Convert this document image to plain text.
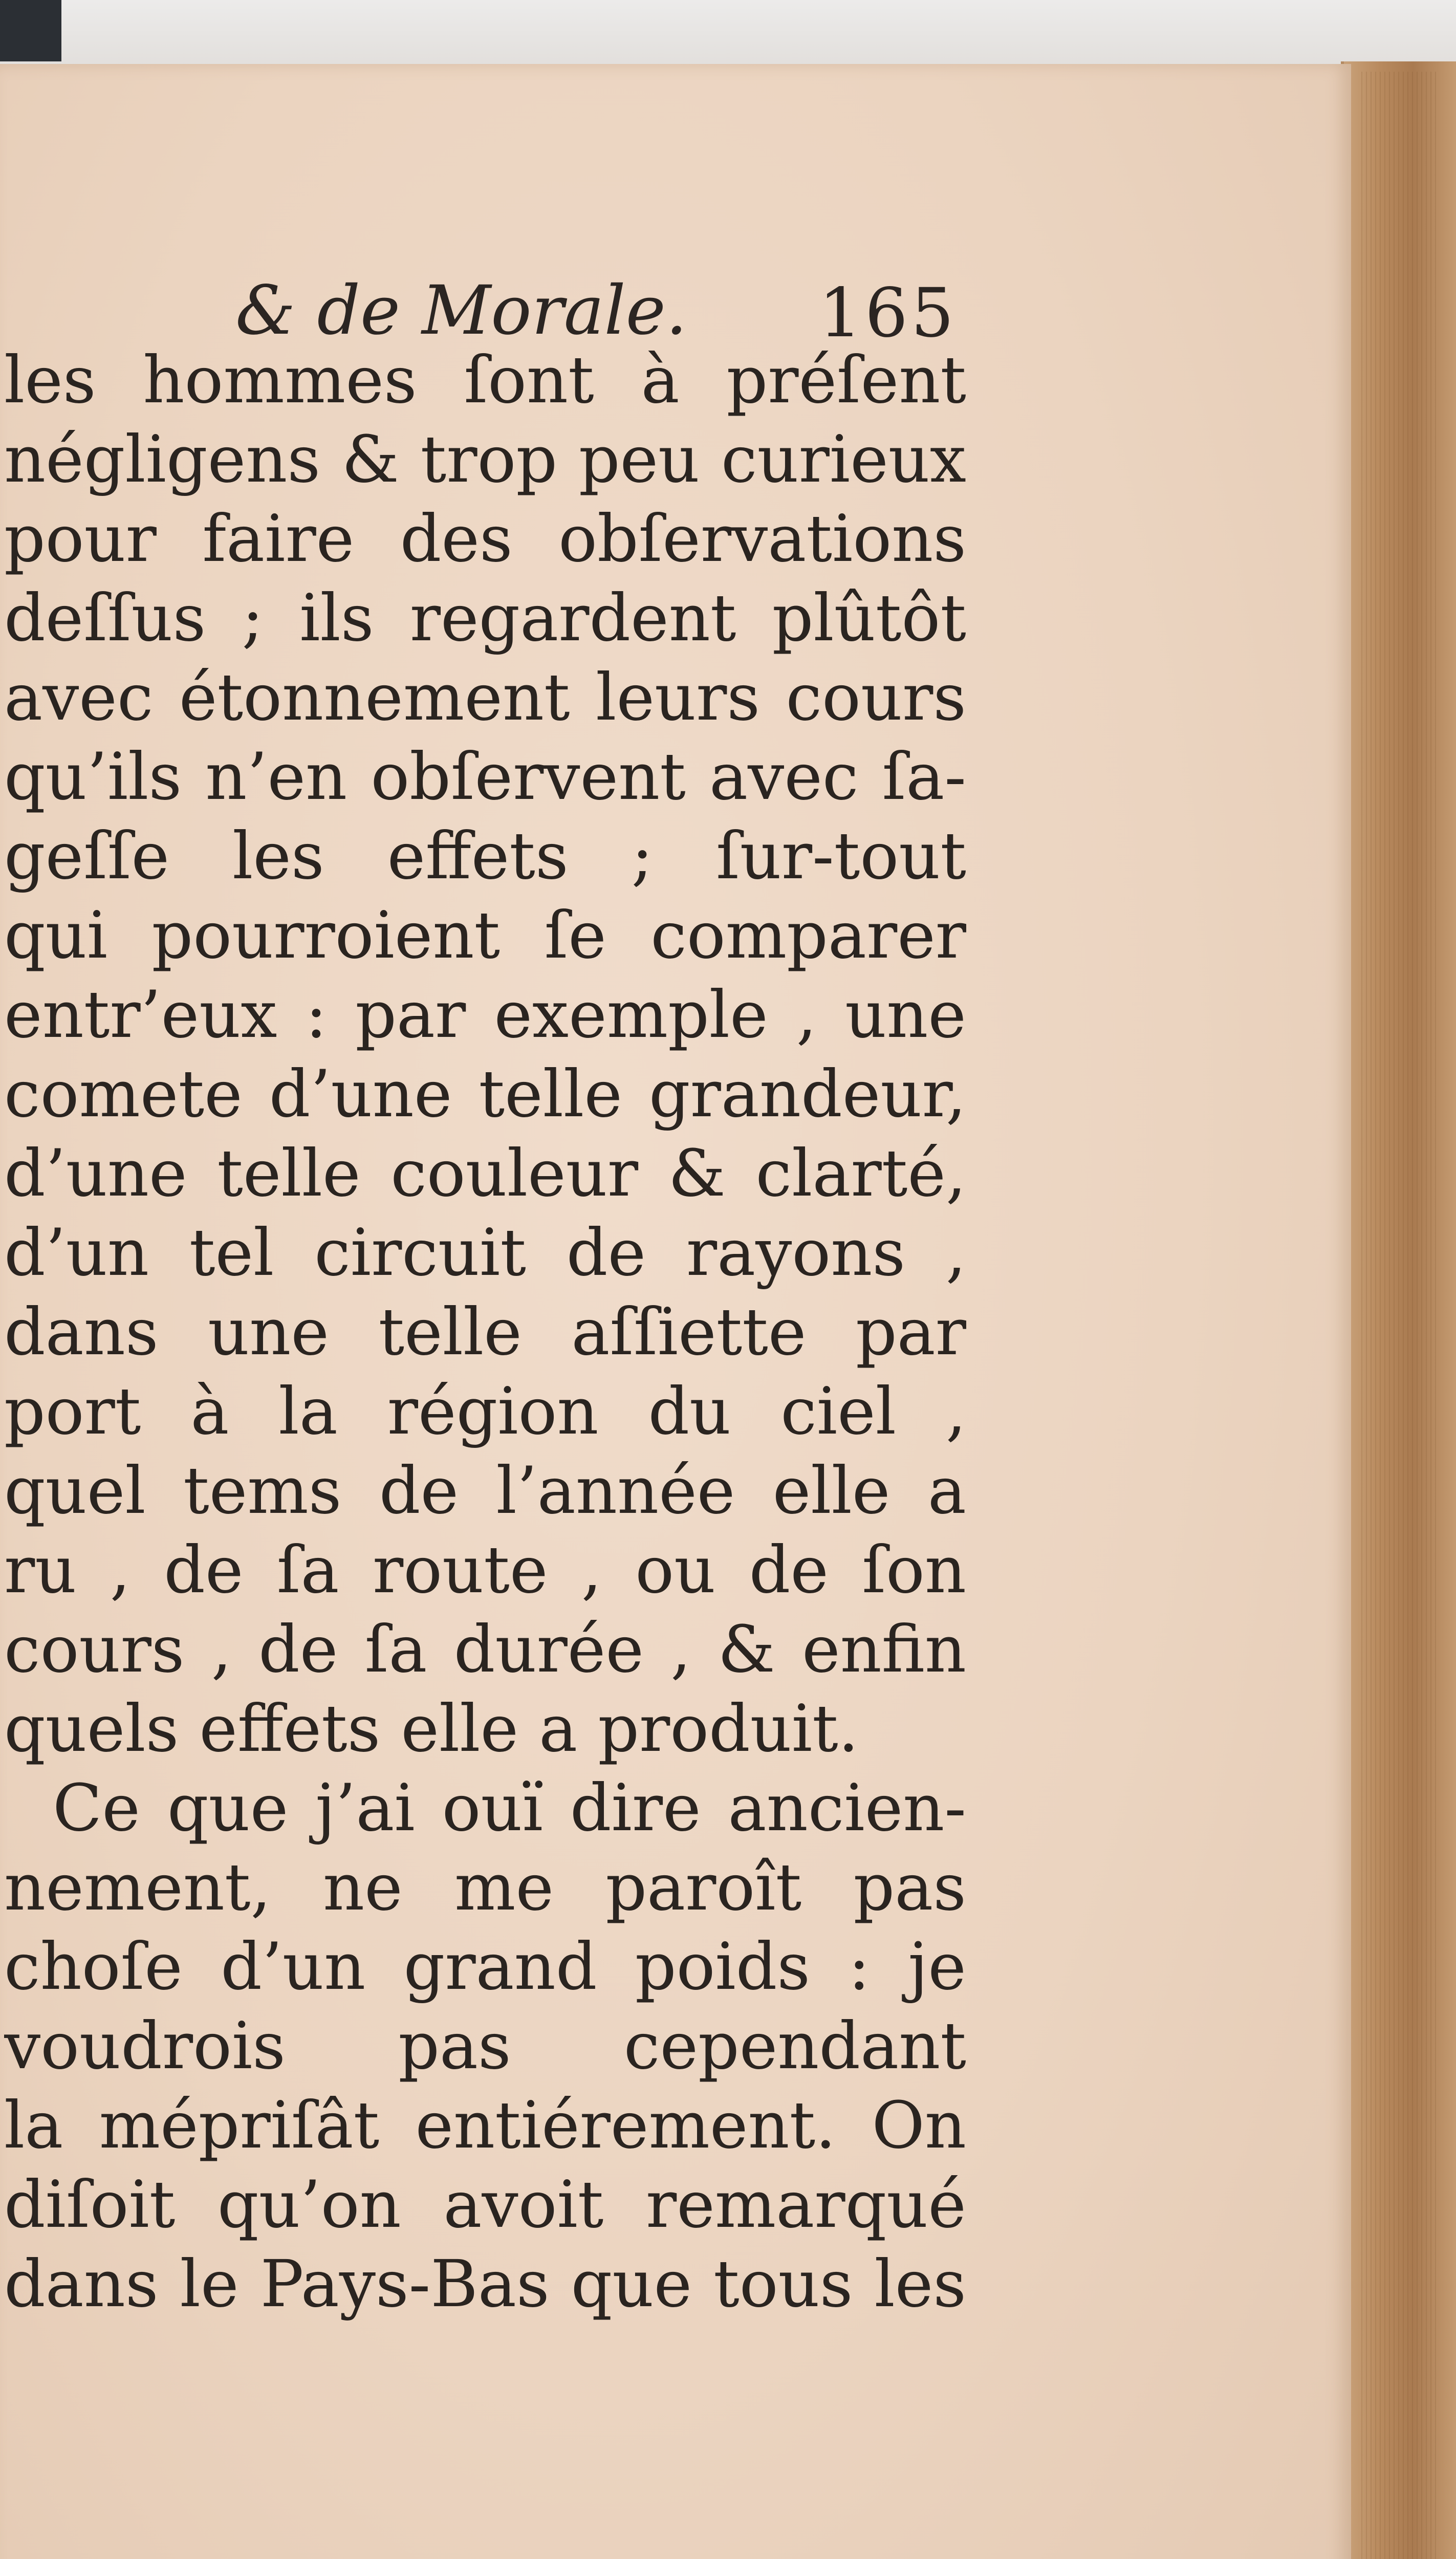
& de Morale. 165
les hommes ſont à préſent
négligens & trop peu curieux
pour faire des obſervations
deſſus ; ils regardent plûtôt
avec étonnement leurs cours
qu’ils n’en obſervent avec ſa-
geſſe les effets ; ſur-tout
qui pourroient ſe comparer
entr’eux : par exemple , une
comete d’une telle grandeur,
d’une telle couleur & clarté,
d’un tel circuit de rayons ,
dans une telle aſſiette par
port à la région du ciel ,
quel tems de l’année elle a
ru , de ſa route , ou de ſon
cours , de ſa durée , & enfin
quels effets elle a produit.
Ce que j’ai ouï dire ancien-
nement, ne me paroît pas
choſe d’un grand poids : je
voudrois pas cependant
la mépriſât entiérement. On
diſoit qu’on avoit remarqué
dans le Pays-Bas que tous les
